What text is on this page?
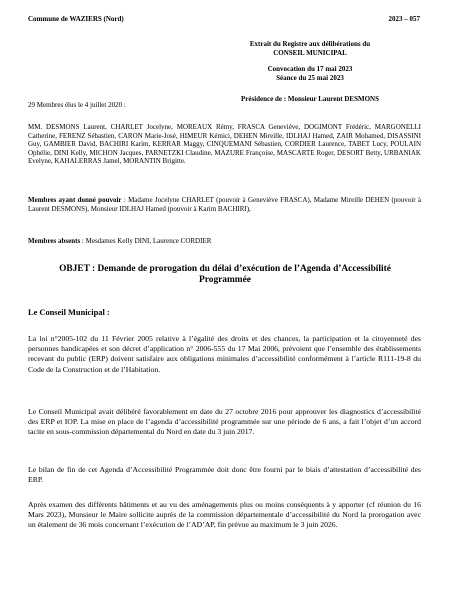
Commune de WAZIERS (Nord)	2023 – 057
Extrait du Registre aux délibérations du
CONSEIL MUNICIPAL
Convocation du 17 mai 2023
Séance du 25 mai 2023
Présidence de : Monsieur Laurent DESMONS
29 Membres élus le 4 juillet 2020 :
MM. DESMONS Laurent, CHARLET Jocelyne, MOREAUX Rémy, FRASCA Geneviève, DOGIMONT Frédéric, MARGONELLI Catherine, FERENZ Sébastien, CARON Marie-José, HIMEUR Kémici, DEHEN Mireille, IDLHAJ Hamed, ZAIR Mohamed, DISASSINI Guy, GAMBIER David, BACHIRI Karim, KERRAR Maggy, CINQUEMANI Sébastien, CORDIER Laurence, TABET Lucy, POULAIN Ophélie, DINI Kelly, MICHON Jacques, PARNETZKI Claudine, MAZURE Françoise, MASCARTE Roger, DESORT Betty, URBANIAK Evelyne, KAHALERRAS Jamel, MORANTIN Brigitte.
Membres ayant donné pouvoir : Madame Jocelyne CHARLET (pouvoir à Geneviève FRASCA), Madame Mireille DEHEN (pouvoir à Laurent DESMONS), Monsieur IDLHAJ Hamed (pouvoir à Karim BACHIRI),
Membres absents : Mesdames Kelly DINI, Laurence CORDIER
OBJET : Demande de prorogation du délai d’exécution de l’Agenda d’Accessibilité Programmée
Le Conseil Municipal :
La loi n°2005-102 du 11 Février 2005 relative à l’égalité des droits et des chances, la participation et la citoyenneté des personnes handicapées et son décret d’application n° 2006-555 du 17 Mai 2006, prévoient que l’ensemble des établissements recevant du public (ERP) doivent satisfaire aux obligations minimales d’accessibilité conformément à l’article R111-19-8 du Code de la Construction et de l’Habitation.
Le Conseil Municipal avait délibéré favorablement en date du 27 octobre 2016 pour approuver les diagnostics d’accessibilité des ERP et IOP. La mise en place de l’agenda d’accessibilité programmée sur une période de 6 ans, a fait l’objet d’un accord tacite en sous-commission départemental du Nord en date du 3 juin 2017.
Le bilan de fin de cet Agenda d’Accessibilité Programmée doit donc être fourni par le biais d’attestation d’accessibilité des ERP.
Après examen des différents bâtiments et au vu des aménagements plus ou moins conséquents à y apporter (cf réunion du 16 Mars 2023), Monsieur le Maire sollicite auprès de la commission départementale d’accessibilité du Nord la prorogation avec un étalement de 36 mois concernant l’exécution de l’AD’AP, fin prévue au maximum le 3 juin 2026.
